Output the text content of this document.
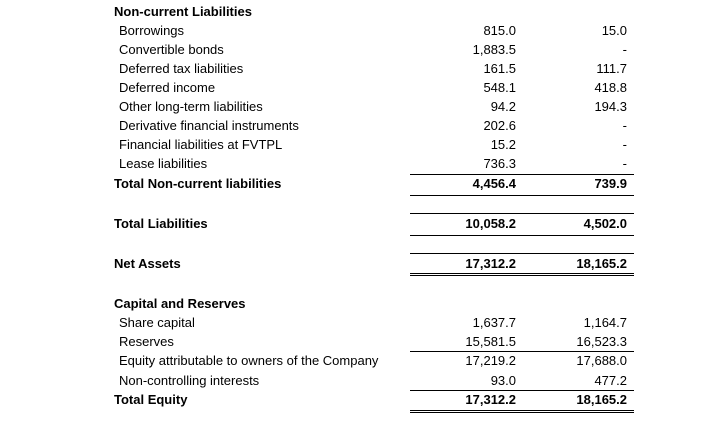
Non-current Liabilities
Borrowings	815.0	15.0
Convertible bonds	1,883.5	-
Deferred tax liabilities	161.5	111.7
Deferred income	548.1	418.8
Other long-term liabilities	94.2	194.3
Derivative financial instruments	202.6	-
Financial liabilities at FVTPL	15.2	-
Lease liabilities	736.3	-
Total Non-current liabilities	4,456.4	739.9
Total Liabilities	10,058.2	4,502.0
Net Assets	17,312.2	18,165.2
Capital and Reserves
Share capital	1,637.7	1,164.7
Reserves	15,581.5	16,523.3
Equity attributable to owners of the Company	17,219.2	17,688.0
Non-controlling interests	93.0	477.2
Total Equity	17,312.2	18,165.2
